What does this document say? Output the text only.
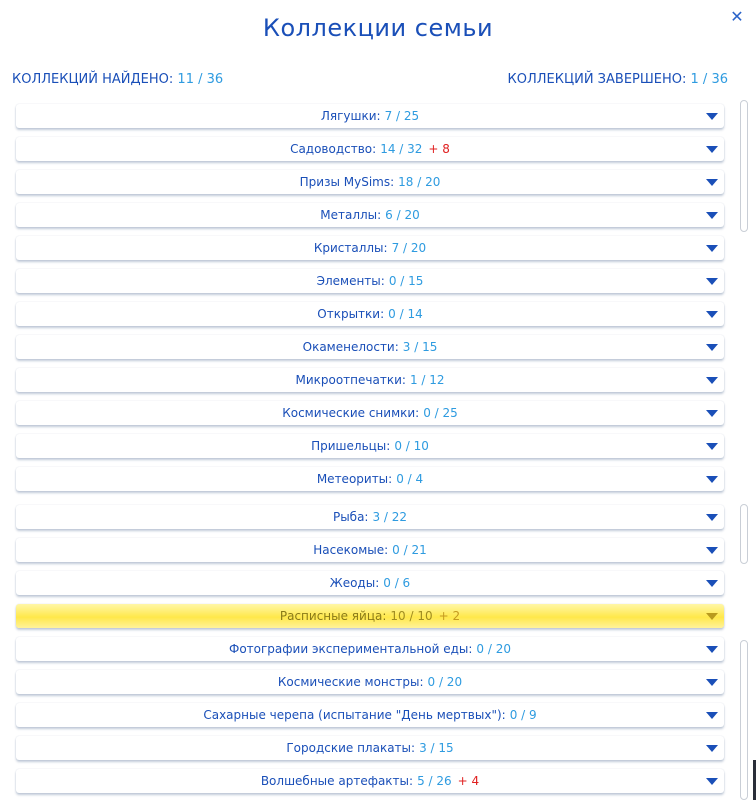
Коллекции семьи	✕
КОЛЛЕКЦИЙ НАЙДЕНО: 11 / 36	КОЛЛЕКЦИЙ ЗАВЕРШЕНО: 1 / 36
Лягушки: 7 / 25
Садоводство: 14 / 32 + 8
Призы MySims: 18 / 20
Металлы: 6 / 20
Кристаллы: 7 / 20
Элементы: 0 / 15
Открытки: 0 / 14
Окаменелости: 3 / 15
Микроотпечатки: 1 / 12
Космические снимки: 0 / 25
Пришельцы: 0 / 10
Метеориты: 0 / 4
Рыба: 3 / 22
Насекомые: 0 / 21
Жеоды: 0 / 6
Расписные яйца: 10 / 10 + 2
Фотографии экспериментальной еды: 0 / 20
Космические монстры: 0 / 20
Сахарные черепа (испытание "День мертвых"): 0 / 9
Городские плакаты: 3 / 15
Волшебные артефакты: 5 / 26 + 4
